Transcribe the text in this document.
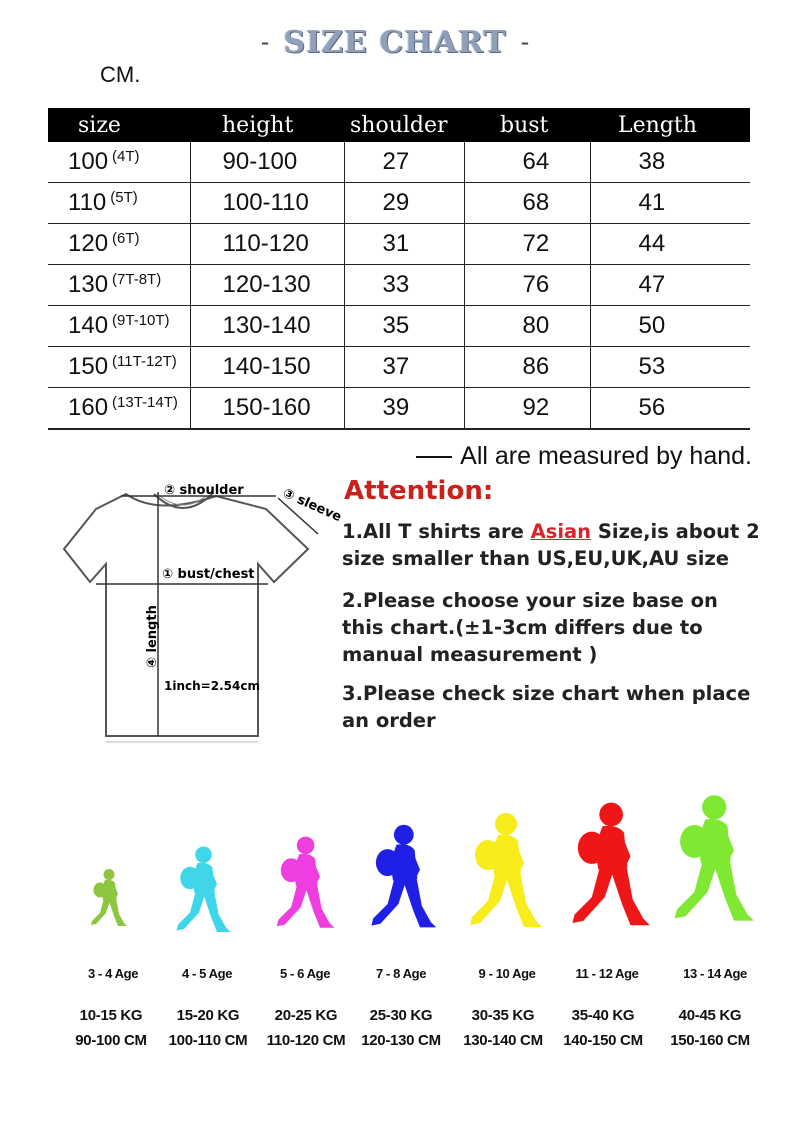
- SIZE CHART -
CM.
size	height	shoulder	bust	Length
100 $^{(4T)}$	90-100	27	64	38
110 $^{(5T)}$	100-110	29	68	41
120 $^{(6T)}$	110-120	31	72	44
130 $^{(7T-8T)}$	120-130	33	76	47
140 $^{(9T-10T)}$	130-140	35	80	50
150 $^{(11T-12T)}$	140-150	37	86	53
160 $^{(13T-14T)}$	150-160	39	92	56
All are measured by hand.
② shoulder	③ sleeve
① bust/chest
④ length
1inch=2.54cm
Attention:
1.All T shirts are Asian Size,is about 2 size smaller than US,EU,UK,AU size
2.Please choose your size base on this chart.(±1-3cm differs due to manual measurement )
3.Please check size chart when place an order
3 - 4 Age	4 - 5 Age	5 - 6 Age	7 - 8 Age	9 - 10 Age	11 - 12 Age	13 - 14 Age
10-15 KG	15-20 KG	20-25 KG	25-30 KG	30-35 KG	35-40 KG	40-45 KG
90-100 CM	100-110 CM	110-120 CM	120-130 CM	130-140 CM	140-150 CM	150-160 CM
